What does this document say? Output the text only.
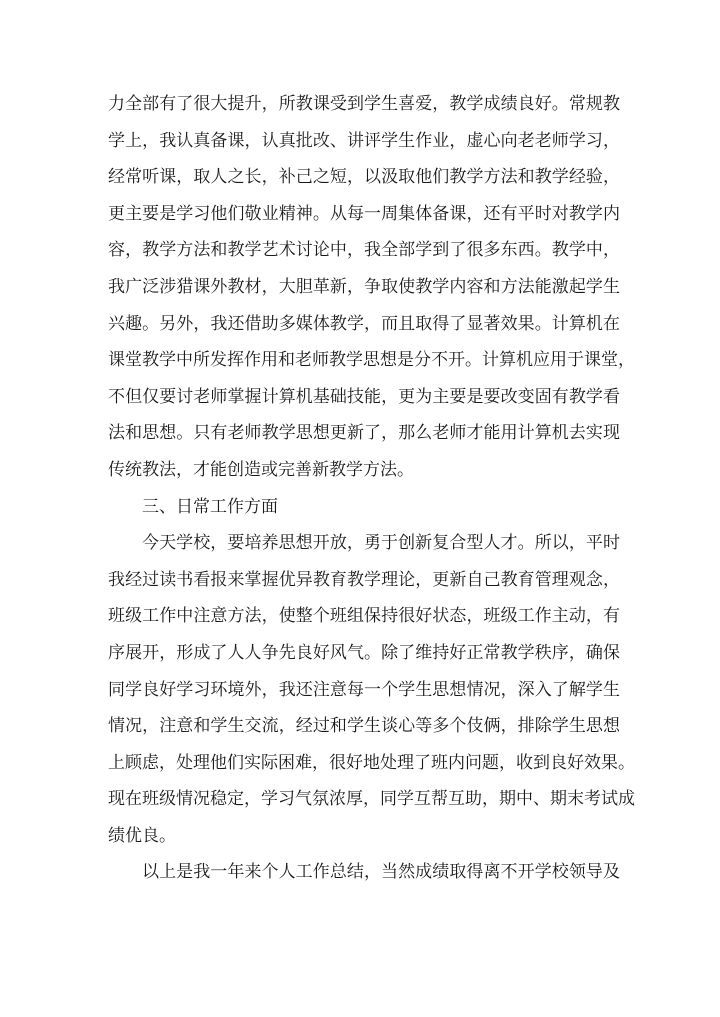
力全部有了很大提升，所教课受到学生喜爱，教学成绩良好。常规教
学上，我认真备课，认真批改、讲评学生作业，虚心向老老师学习，
经常听课，取人之长，补己之短，以汲取他们教学方法和教学经验，
更主要是学习他们敬业精神。从每一周集体备课，还有平时对教学内
容，教学方法和教学艺术讨论中，我全部学到了很多东西。教学中，
我广泛涉猎课外教材，大胆革新，争取使教学内容和方法能激起学生
兴趣。另外，我还借助多媒体教学，而且取得了显著效果。计算机在
课堂教学中所发挥作用和老师教学思想是分不开。计算机应用于课堂，
不但仅要讨老师掌握计算机基础技能，更为主要是要改变固有教学看
法和思想。只有老师教学思想更新了，那么老师才能用计算机去实现
传统教法，才能创造或完善新教学方法。
三、日常工作方面
今天学校，要培养思想开放，勇于创新复合型人才。所以，平时
我经过读书看报来掌握优异教育教学理论，更新自己教育管理观念，
班级工作中注意方法，使整个班组保持很好状态，班级工作主动，有
序展开，形成了人人争先良好风气。除了维持好正常教学秩序，确保
同学良好学习环境外，我还注意每一个学生思想情况，深入了解学生
情况，注意和学生交流，经过和学生谈心等多个伎俩，排除学生思想
上顾虑，处理他们实际困难，很好地处理了班内问题，收到良好效果。
现在班级情况稳定，学习气氛浓厚，同学互帮互助，期中、期末考试成
绩优良。
以上是我一年来个人工作总结，当然成绩取得离不开学校领导及
